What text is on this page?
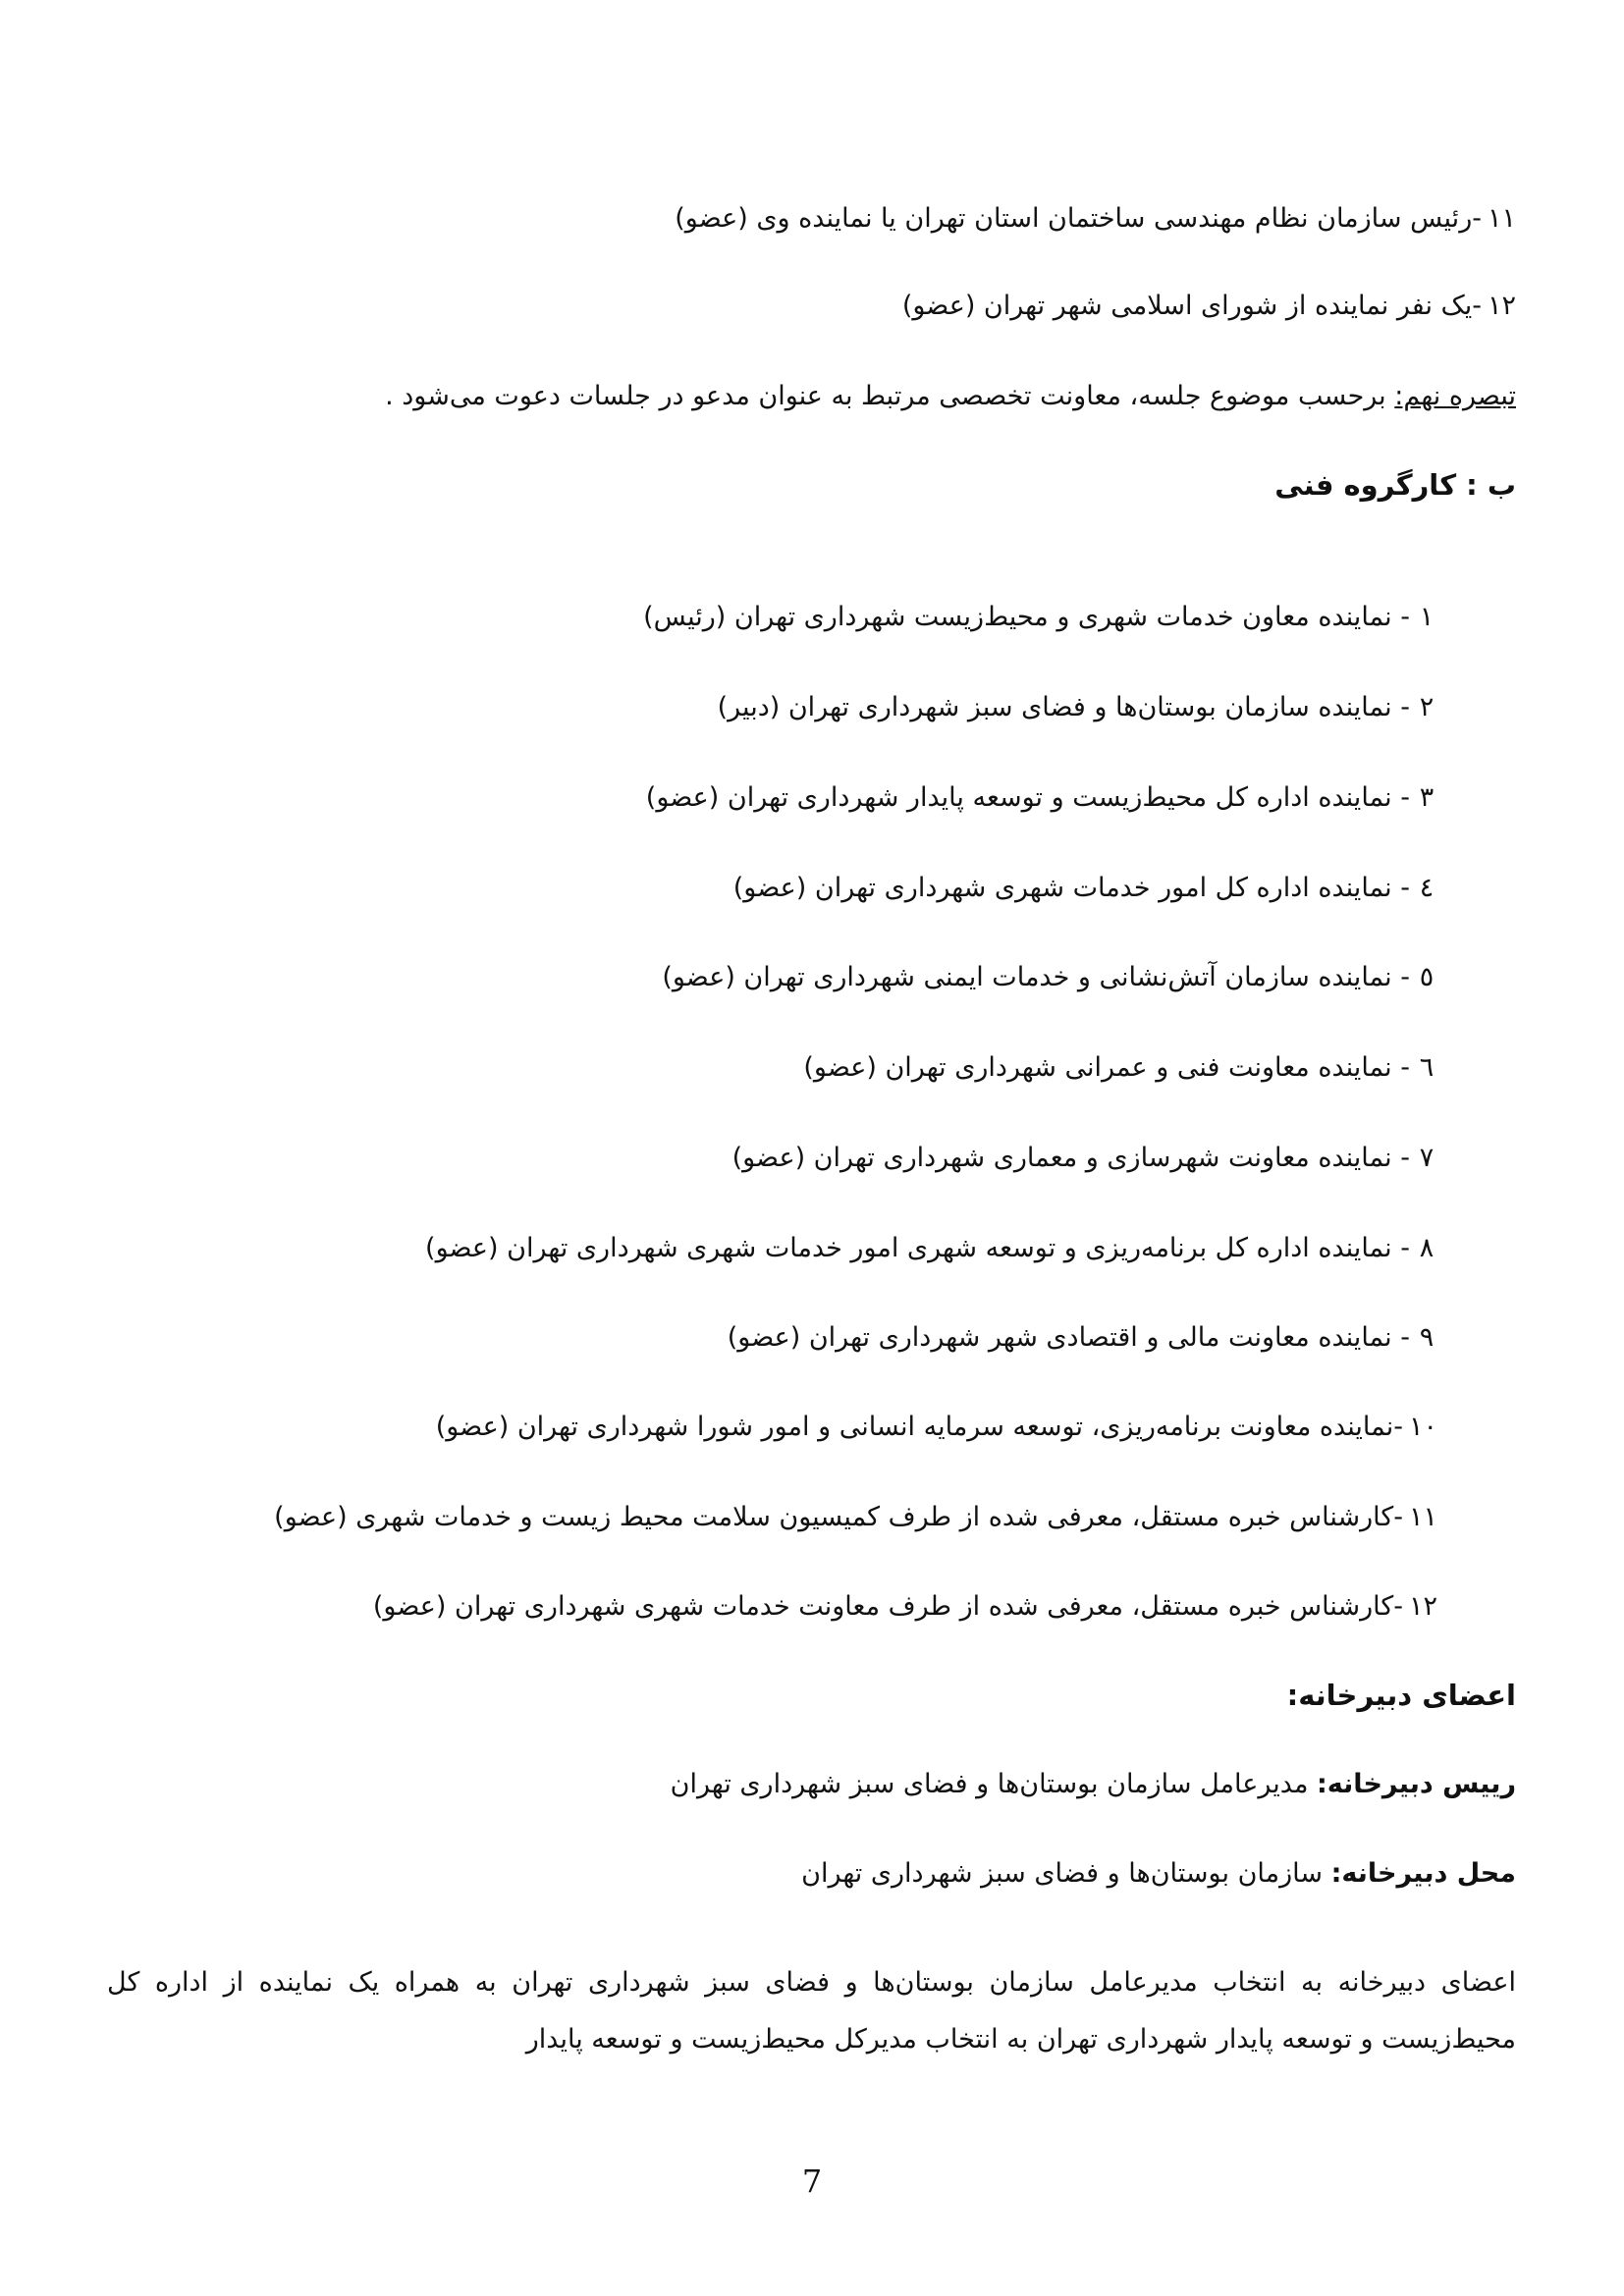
۱۱-رئیس سازمان نظام مهندسی ساختمان استان تهران یا نماینده وی (عضو)
۱۲-یک نفر نماینده از شورای اسلامی شهر تهران (عضو)
تبصره نهم: برحسب موضوع جلسه، معاونت تخصصی مرتبط به عنوان مدعو در جلسات دعوت می‌شود .
ب : کارگروه فنی
۱- نماینده معاون خدمات شهری و محیط‌زیست شهرداری تهران (رئیس)
۲- نماینده سازمان بوستان‌ها و فضای سبز شهرداری تهران (دبیر)
۳- نماینده اداره کل محیط‌زیست و توسعه پایدار شهرداری تهران (عضو)
٤- نماینده اداره کل امور خدمات شهری شهرداری تهران (عضو)
٥- نماینده سازمان آتش‌نشانی و خدمات ایمنی شهرداری تهران (عضو)
٦- نماینده معاونت فنی و عمرانی شهرداری تهران (عضو)
۷- نماینده معاونت شهرسازی و معماری شهرداری تهران (عضو)
۸- نماینده اداره کل برنامه‌ریزی و توسعه شهری امور خدمات شهری شهرداری تهران (عضو)
۹- نماینده معاونت مالی و اقتصادی شهر شهرداری تهران (عضو)
۱۰-نماینده معاونت برنامه‌ریزی، توسعه سرمایه انسانی و امور شورا شهرداری تهران (عضو)
۱۱-کارشناس خبره مستقل، معرفی شده از طرف کمیسیون سلامت محیط زیست و خدمات شهری (عضو)
۱۲-کارشناس خبره مستقل، معرفی شده از طرف معاونت خدمات شهری شهرداری تهران (عضو)
اعضای دبیرخانه:
رییس دبیرخانه: مدیرعامل سازمان بوستان‌ها و فضای سبز شهرداری تهران
محل دبیرخانه: سازمان بوستان‌ها و فضای سبز شهرداری تهران
اعضای دبیرخانه به انتخاب مدیرعامل سازمان بوستان‌ها و فضای سبز شهرداری تهران به همراه یک نماینده از اداره کل محیط‌زیست و توسعه پایدار شهرداری تهران به انتخاب مدیرکل محیط‌زیست و توسعه پایدار
7
